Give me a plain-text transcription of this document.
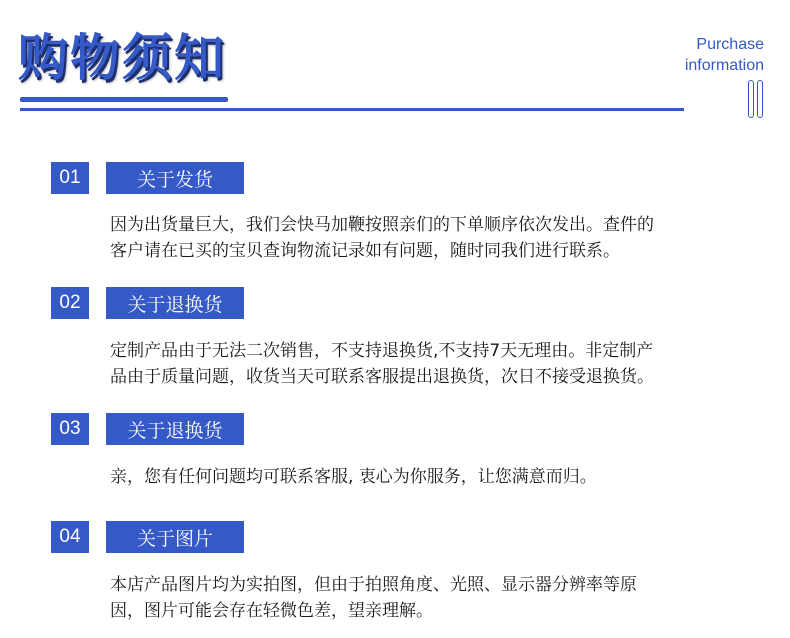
购物须知	Purchase
information
01	关于发货
因为出货量巨大，我们会快马加鞭按照亲们的下单顺序依次发出。查件的
客户请在已买的宝贝查询物流记录如有问题，随时同我们进行联系。
02	关于退换货
定制产品由于无法二次销售，不支持退换货,不支持7天无理由。非定制产
品由于质量问题，收货当天可联系客服提出退换货，次日不接受退换货。
03	关于退换货
亲，您有任何问题均可联系客服, 衷心为你服务，让您满意而归。
04	关于图片
本店产品图片均为实拍图，但由于拍照角度、光照、显示器分辨率等原
因，图片可能会存在轻微色差，望亲理解。
